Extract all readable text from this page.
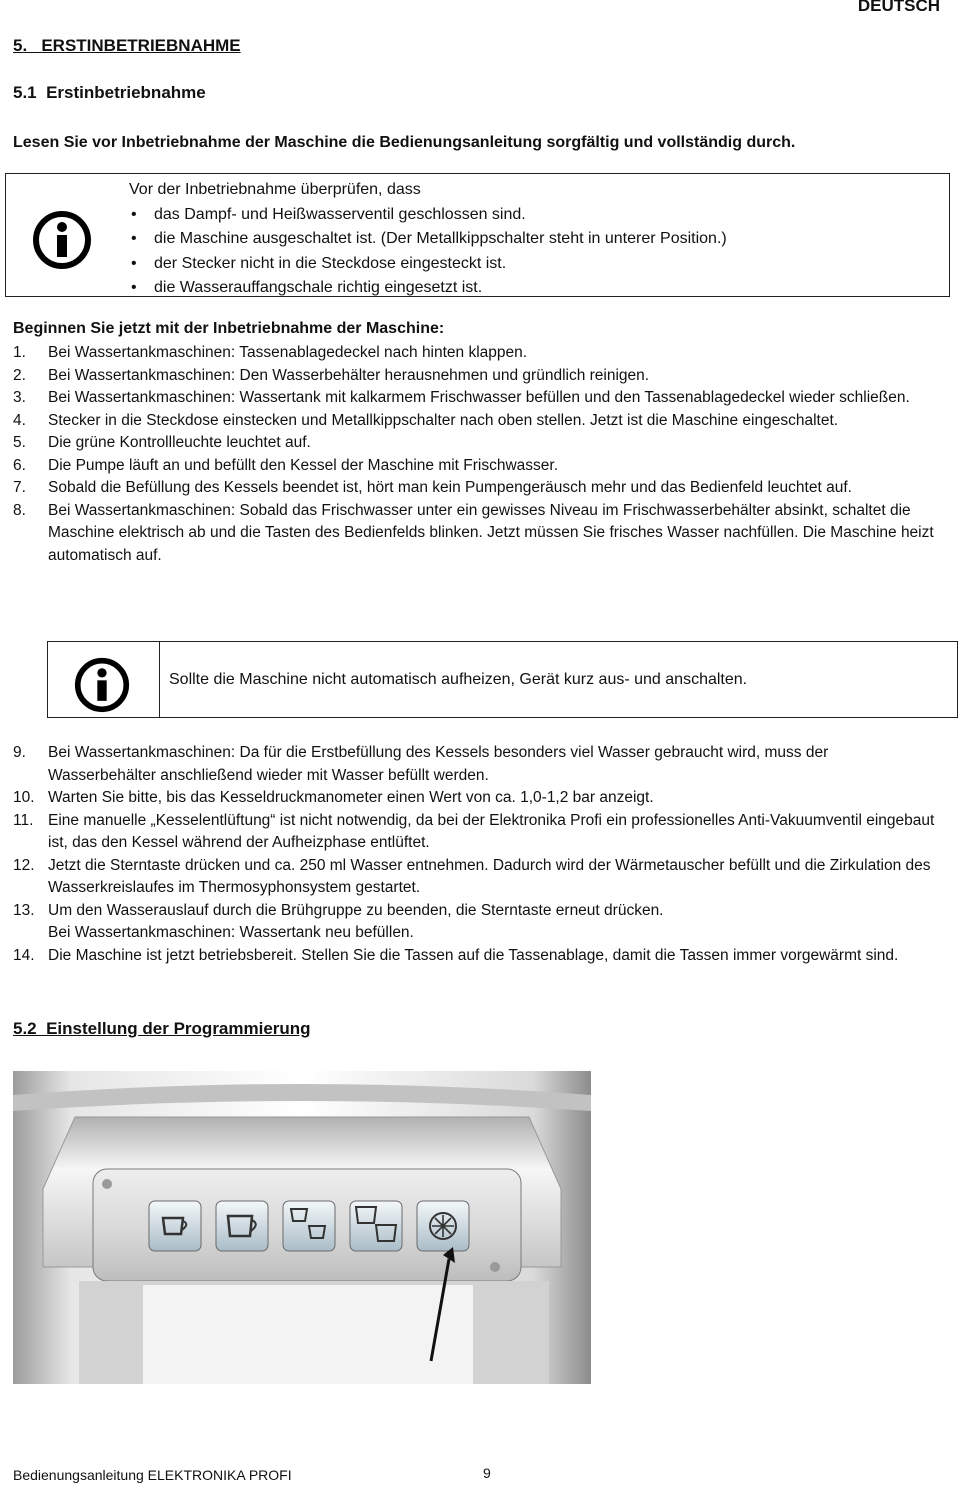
DEUTSCH
5.   ERSTINBETRIEBNAHME
5.1  Erstinbetriebnahme
Lesen Sie vor Inbetriebnahme der Maschine die Bedienungsanleitung sorgfältig und vollständig durch.
Vor der Inbetriebnahme überprüfen, dass
• das Dampf- und Heißwasserventil geschlossen sind.
• die Maschine ausgeschaltet ist. (Der Metallkippschalter steht in unterer Position.)
• der Stecker nicht in die Steckdose eingesteckt ist.
• die Wasserauffangschale richtig eingesetzt ist.
Beginnen Sie jetzt mit der Inbetriebnahme der Maschine:
1. Bei Wassertankmaschinen: Tassenablagedeckel nach hinten klappen.
2. Bei Wassertankmaschinen: Den Wasserbehälter herausnehmen und gründlich reinigen.
3. Bei Wassertankmaschinen: Wassertank mit kalkarmem Frischwasser befüllen und den Tassenablagedeckel wieder schließen.
4. Stecker in die Steckdose einstecken und Metallkippschalter nach oben stellen. Jetzt ist die Maschine eingeschaltet.
5. Die grüne Kontrollleuchte leuchtet auf.
6. Die Pumpe läuft an und befüllt den Kessel der Maschine mit Frischwasser.
7. Sobald die Befüllung des Kessels beendet ist, hört man kein Pumpengeräusch mehr und das Bedienfeld leuchtet auf.
8. Bei Wassertankmaschinen: Sobald das Frischwasser unter ein gewisses Niveau im Frischwasserbehälter absinkt, schaltet die Maschine elektrisch ab und die Tasten des Bedienfelds blinken. Jetzt müssen Sie frisches Wasser nachfüllen. Die Maschine heizt automatisch auf.
Sollte die Maschine nicht automatisch aufheizen, Gerät kurz aus- und anschalten.
9. Bei Wassertankmaschinen: Da für die Erstbefüllung des Kessels besonders viel Wasser gebraucht wird, muss der Wasserbehälter anschließend wieder mit Wasser befüllt werden.
10. Warten Sie bitte, bis das Kesseldruckmanometer einen Wert von ca. 1,0-1,2 bar anzeigt.
11. Eine manuelle „Kesselentlüftung“ ist nicht notwendig, da bei der Elektronika Profi ein professionelles Anti-Vakuumventil eingebaut ist, das den Kessel während der Aufheizphase entlüftet.
12. Jetzt die Sterntaste drücken und ca. 250 ml Wasser entnehmen. Dadurch wird der Wärmetauscher befüllt und die Zirkulation des Wasserkreislaufes im Thermosyphonsystem gestartet.
13. Um den Wasserauslauf durch die Brühgruppe zu beenden, die Sterntaste erneut drücken.
Bei Wassertankmaschinen: Wassertank neu befüllen.
14. Die Maschine ist jetzt betriebsbereit. Stellen Sie die Tassen auf die Tassenablage, damit die Tassen immer vorgewärmt sind.
5.2  Einstellung der Programmierung
Bedienungsanleitung ELEKTRONIKA PROFI	9
